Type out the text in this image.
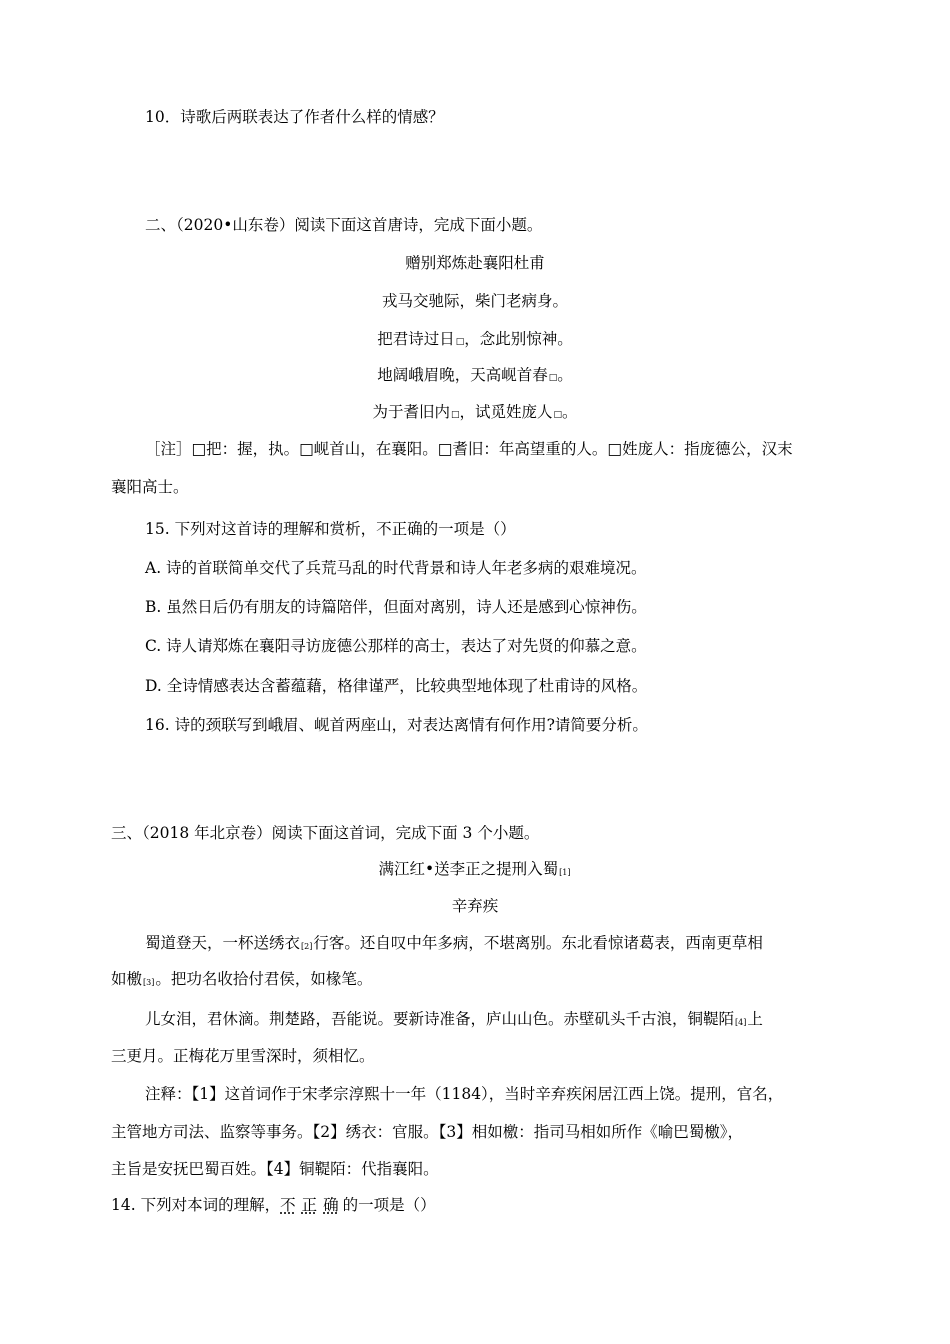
10．诗歌后两联表达了作者什么样的情感？
二、（2020•山东卷）阅读下面这首唐诗，完成下面小题。
赠别郑炼赴襄阳杜甫
戎马交驰际，柴门老病身。
把君诗过日□，念此别惊神。
地阔峨眉晚，天高岘首春□。
为于耆旧内□，试觅姓庞人□。
［注］□把：握，执。□岘首山，在襄阳。□耆旧：年高望重的人。□姓庞人：指庞德公，汉末
襄阳高士。
15. 下列对这首诗的理解和赏析，不正确的一项是（）
A. 诗的首联简单交代了兵荒马乱的时代背景和诗人年老多病的艰难境况。
B. 虽然日后仍有朋友的诗篇陪伴，但面对离别，诗人还是感到心惊神伤。
C. 诗人请郑炼在襄阳寻访庞德公那样的高士，表达了对先贤的仰慕之意。
D. 全诗情感表达含蓄蕴藉，格律谨严，比较典型地体现了杜甫诗的风格。
16. 诗的颈联写到峨眉、岘首两座山，对表达离情有何作用?请简要分析。
三、（2018 年北京卷）阅读下面这首词，完成下面 3 个小题。
满江红•送李正之提刑入蜀[1]
辛弃疾
蜀道登天，一杯送绣衣[2]行客。还自叹中年多病，不堪离别。东北看惊诸葛表，西南更草相
如檄[3]。把功名收拾付君侯，如椽笔。
儿女泪，君休滴。荆楚路，吾能说。要新诗准备，庐山山色。赤壁矶头千古浪，铜鞮陌[4]上
三更月。正梅花万里雪深时，须相忆。
注释：【1】这首词作于宋孝宗淳熙十一年（1184），当时辛弃疾闲居江西上饶。提刑，官名，
主管地方司法、监察等事务。【2】绣衣：官服。【3】相如檄：指司马相如所作《喻巴蜀檄》，
主旨是安抚巴蜀百姓。【4】铜鞮陌：代指襄阳。
14. 下列对本词的理解，不 正 确 的一项是（）
